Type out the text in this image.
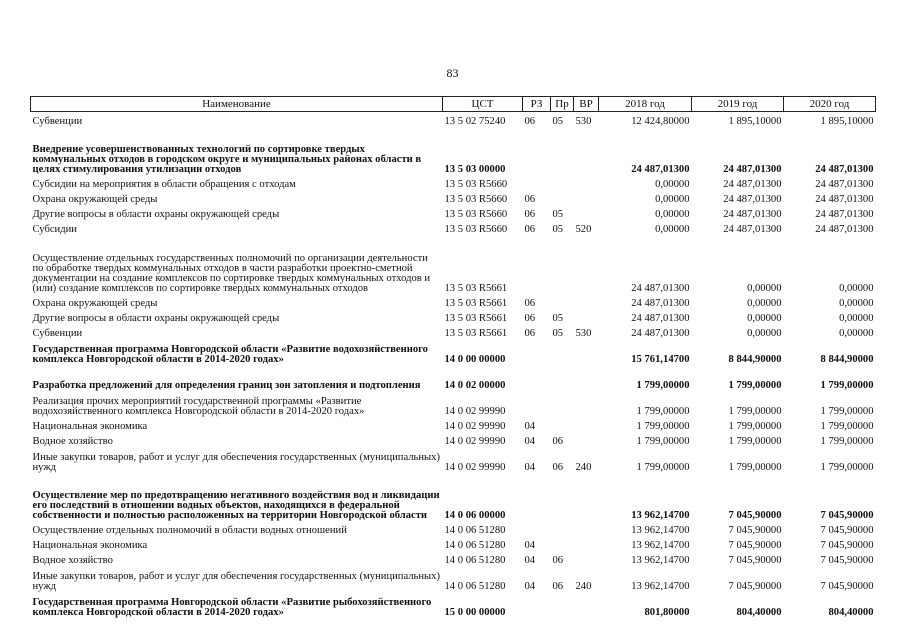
83
Наименование	ЦСТ	РЗ	Пр	ВР	2018 год	2019 год	2020 год
Субвенции	13 5 02 75240	06	05	530	12 424,80000	1 895,10000	1 895,10000
Внедрение усовершенствованных технологий по сортировке твердых коммунальных отходов в городском округе и муниципальных районах области в целях стимулирования утилизации отходов	13 5 03 00000				24 487,01300	24 487,01300	24 487,01300
Субсидии на мероприятия в области обращения с отходам	13 5 03 R5660				0,00000	24 487,01300	24 487,01300
Охрана окружающей среды	13 5 03 R5660	06			0,00000	24 487,01300	24 487,01300
Другие вопросы в области охраны окружающей среды	13 5 03 R5660	06	05		0,00000	24 487,01300	24 487,01300
Субсидии	13 5 03 R5660	06	05	520	0,00000	24 487,01300	24 487,01300
Осуществление отдельных государственных полномочий по организации деятельности по обработке твердых коммунальных отходов в части разработки проектно-сметной документации на создание комплексов по сортировке твердых коммунальных отходов и (или) создание комплексов по сортировке твердых коммунальных отходов	13 5 03 R5661				24 487,01300	0,00000	0,00000
Охрана окружающей среды	13 5 03 R5661	06			24 487,01300	0,00000	0,00000
Другие вопросы в области охраны окружающей среды	13 5 03 R5661	06	05		24 487,01300	0,00000	0,00000
Субвенции	13 5 03 R5661	06	05	530	24 487,01300	0,00000	0,00000
Государственная программа Новгородской области «Развитие водохозяйственного комплекса Новгородской области в 2014-2020 годах»	14 0 00 00000				15 761,14700	8 844,90000	8 844,90000
Разработка предложений для определения границ зон затопления и подтопления	14 0 02 00000				1 799,00000	1 799,00000	1 799,00000
Реализация прочих мероприятий государственной программы «Развитие водохозяйственного комплекса Новгородской области в 2014-2020 годах»	14 0 02 99990				1 799,00000	1 799,00000	1 799,00000
Национальная экономика	14 0 02 99990	04			1 799,00000	1 799,00000	1 799,00000
Водное хозяйство	14 0 02 99990	04	06		1 799,00000	1 799,00000	1 799,00000
Иные закупки товаров, работ и услуг для обеспечения государственных (муниципальных) нужд	14 0 02 99990	04	06	240	1 799,00000	1 799,00000	1 799,00000
Осуществление мер по предотвращению негативного воздействия вод и ликвидации его последствий в отношении водных объектов, находящихся в федеральной собственности и полностью расположенных на территории Новгородской области	14 0 06 00000				13 962,14700	7 045,90000	7 045,90000
Осуществление отдельных полномочий в области водных отношений	14 0 06 51280				13 962,14700	7 045,90000	7 045,90000
Национальная экономика	14 0 06 51280	04			13 962,14700	7 045,90000	7 045,90000
Водное хозяйство	14 0 06 51280	04	06		13 962,14700	7 045,90000	7 045,90000
Иные закупки товаров, работ и услуг для обеспечения государственных (муниципальных) нужд	14 0 06 51280	04	06	240	13 962,14700	7 045,90000	7 045,90000
Государственная программа Новгородской области «Развитие рыбохозяйственного комплекса Новгородской области в 2014-2020 годах»	15 0 00 00000				801,80000	804,40000	804,40000
